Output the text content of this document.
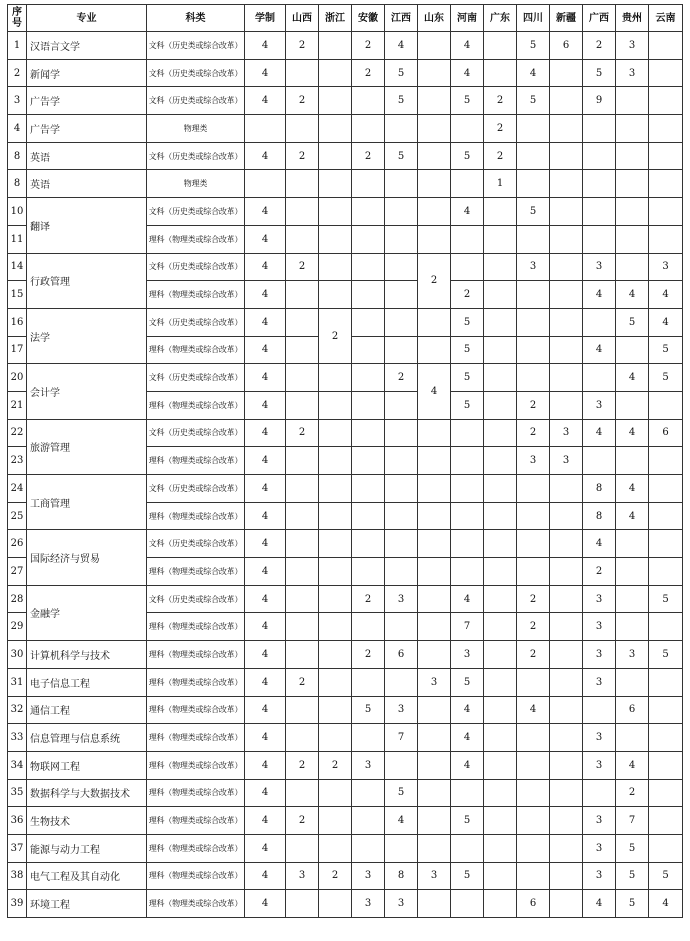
序号	专业	科类	学制	山西	浙江	安徽	江西	山东	河南	广东	四川	新疆	广西	贵州	云南
1	汉语言文学	文科（历史类或综合改革）	4	2		2	4		4		5	6	2	3	
2	新闻学	文科（历史类或综合改革）	4			2	5		4		4		5	3	
3	广告学	文科（历史类或综合改革）	4	2			5		5	2	5		9		
4	广告学	物理类								2					
8	英语	文科（历史类或综合改革）	4	2		2	5		5	2					
8	英语	物理类								1					
10	翻译	文科（历史类或综合改革）	4						4		5				
11		理科（物理类或综合改革）	4												
14	行政管理	文科（历史类或综合改革）	4	2				2			3		3		3
15		理科（物理类或综合改革）	4						2				4	4	4
16	法学	文科（历史类或综合改革）	4		2				5					5	4
17		理科（物理类或综合改革）	4						5				4		5
20	会计学	文科（历史类或综合改革）	4				2	4	5					4	5
21		理科（物理类或综合改革）	4						5		2		3		
22	旅游管理	文科（历史类或综合改革）	4	2							2	3	4	4	6
23		理科（物理类或综合改革）	4								3	3			
24	工商管理	文科（历史类或综合改革）	4										8	4	
25		理科（物理类或综合改革）	4										8	4	
26	国际经济与贸易	文科（历史类或综合改革）	4										4		
27		理科（物理类或综合改革）	4										2		
28	金融学	文科（历史类或综合改革）	4			2	3		4		2		3		5
29		理科（物理类或综合改革）	4						7		2		3		
30	计算机科学与技术	理科（物理类或综合改革）	4			2	6		3		2		3	3	5
31	电子信息工程	理科（物理类或综合改革）	4	2				3	5				3		
32	通信工程	理科（物理类或综合改革）	4			5	3		4		4			6	
33	信息管理与信息系统	理科（物理类或综合改革）	4				7		4				3		
34	物联网工程	理科（物理类或综合改革）	4	2	2	3			4				3	4	
35	数据科学与大数据技术	理科（物理类或综合改革）	4				5							2	
36	生物技术	理科（物理类或综合改革）	4	2			4		5				3	7	
37	能源与动力工程	理科（物理类或综合改革）	4										3	5	
38	电气工程及其自动化	理科（物理类或综合改革）	4	3	2	3	8	3	5				3	5	5
39	环境工程	理科（物理类或综合改革）	4			3	3				6		4	5	4
